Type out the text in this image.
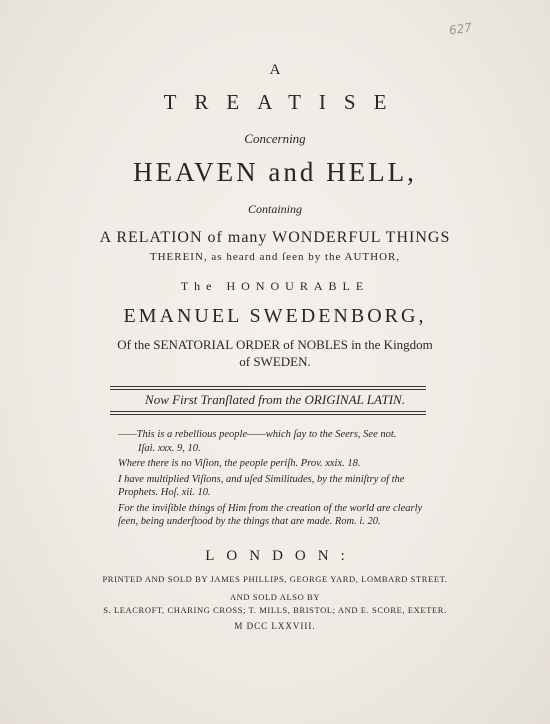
627
A
TREATISE
Concerning
HEAVEN and HELL,
Containing
A RELATION of many WONDERFUL THINGS
THEREIN, as heard and ſeen by the AUTHOR,
The HONOURABLE
EMANUEL SWEDENBORG,
Of the SENATORIAL ORDER of NOBLES in the Kingdom
of SWEDEN.
Now First Tranſlated from the ORIGINAL LATIN.
——This is a rebellious people——which ſay to the Seers, See not.
Iſai. xxx. 9, 10.
Where there is no Viſion, the people periſh. Prov. xxix. 18.
I have multiplied Viſions, and uſed Similitudes, by the miniſtry of the Prophets. Hoſ. xii. 10.
For the inviſible things of Him from the creation of the world are clearly ſeen, being underſtood by the things that are made. Rom. i. 20.
LONDON:
PRINTED AND SOLD BY JAMES PHILLIPS, GEORGE YARD, LOMBARD STREET.
AND SOLD ALSO BY
S. LEACROFT, CHARING CROSS; T. MILLS, BRISTOL; AND E. SCORE, EXETER.
M DCC LXXVIII.
